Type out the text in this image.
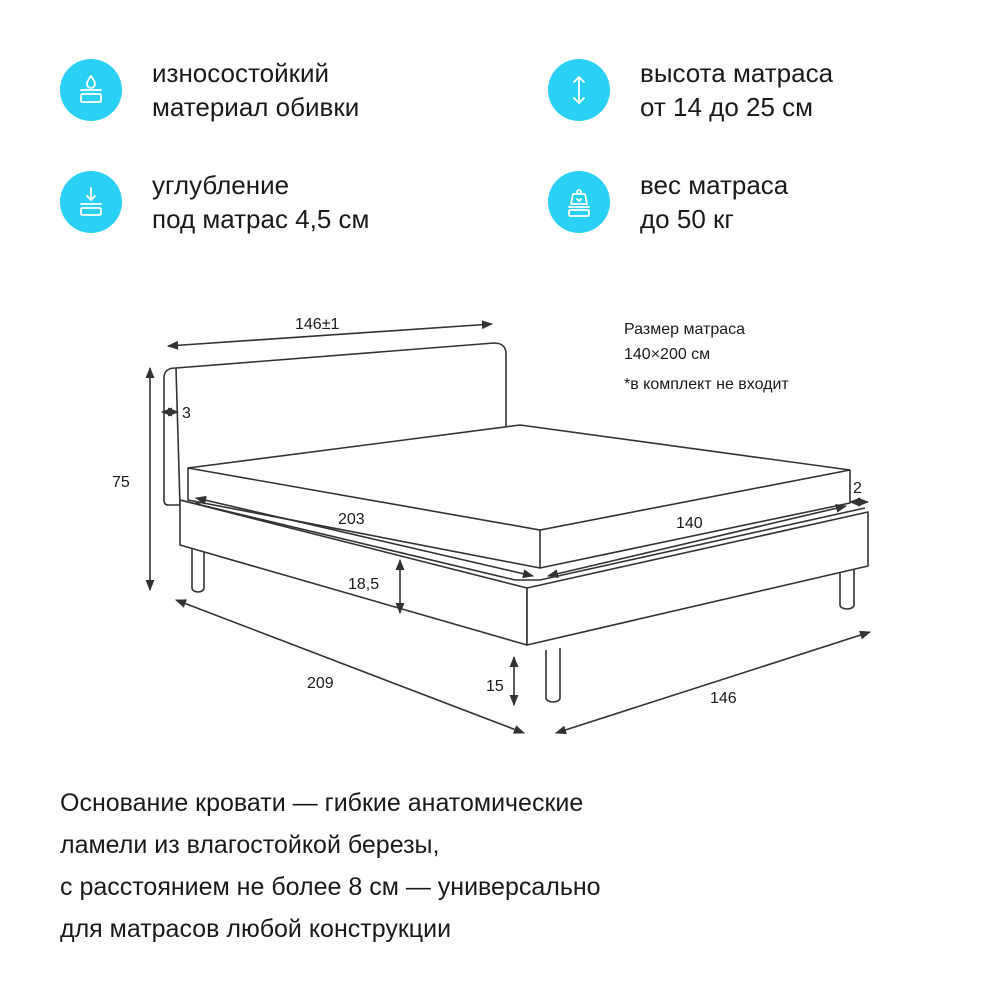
износостойкий
материал обивки
высота матраса
от 14 до 25 см
углубление
под матрас 4,5 см
вес матраса
до 50 кг
146±1
3
75
203	140
2
18,5
209	15
146
Размер матраса
140×200 см
*в комплект не входит
Основание кровати — гибкие анатомические
ламели из влагостойкой березы,
с расстоянием не более 8 см — универсально
для матрасов любой конструкции
